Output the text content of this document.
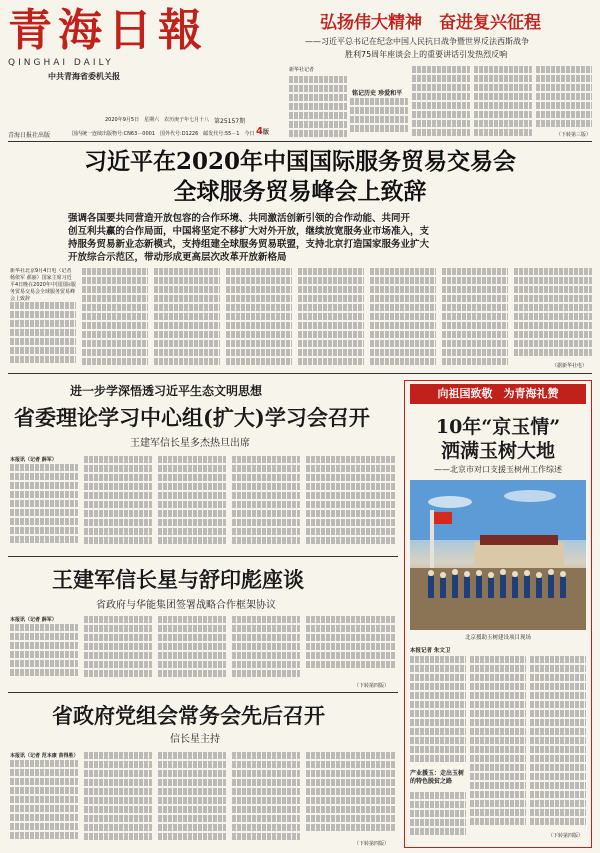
青海日報
QINGHAI DAILY
中共青海省委机关报
青海日报社出版
第25157期
2020年9月5日　星期六　农历庚子年七月十八
国内统一连续出版物号:CN63－0001　国外代号:D1226　邮发代号:55－1　今日 4版
弘扬伟大精神　奋进复兴征程
——习近平总书记在纪念中国人民抗日战争暨世界反法西斯战争
胜利75周年座谈会上的重要讲话引发热烈反响
新华社记者
铭记历史 珍爱和平
（下转第三版）
习近平在2020年中国国际服务贸易交易会
全球服务贸易峰会上致辞
强调各国要共同营造开放包容的合作环境、共同激活创新引领的合作动能、共同开
创互利共赢的合作局面，中国将坚定不移扩大对外开放，继续放宽服务业市场准入，支
持服务贸易新业态新模式，支持组建全球服务贸易联盟，支持北京打造国家服务业扩大
开放综合示范区，带动形成更高层次改革开放新格局
新华社北京9月4日电（记者 杨依军 郝丽）国家主席习近平4日晚在2020年中国国际服务贸易交易会全球服务贸易峰会上致辞
（据新华社电）
进一步学深悟透习近平生态文明思想
省委理论学习中心组(扩大)学习会召开
王建军信长星多杰热旦出席
本报讯（记者 薛军）
王建军信长星与舒印彪座谈
省政府与华能集团签署战略合作框架协议
本报讯（记者 薛军）
（下转第四版）
省政府党组会常务会先后召开
信长星主持
本报讯（记者 范本康 苗得胜）
（下转第四版）
向祖国致敬　为青海礼赞
10年“京玉情”
洒满玉树大地
——北京市对口支援玉树州工作综述
北京援助玉树建设项目现场
本报记者 朱文卫
产业援玉：走出玉树的特色脱贫之路
（下转第四版）
